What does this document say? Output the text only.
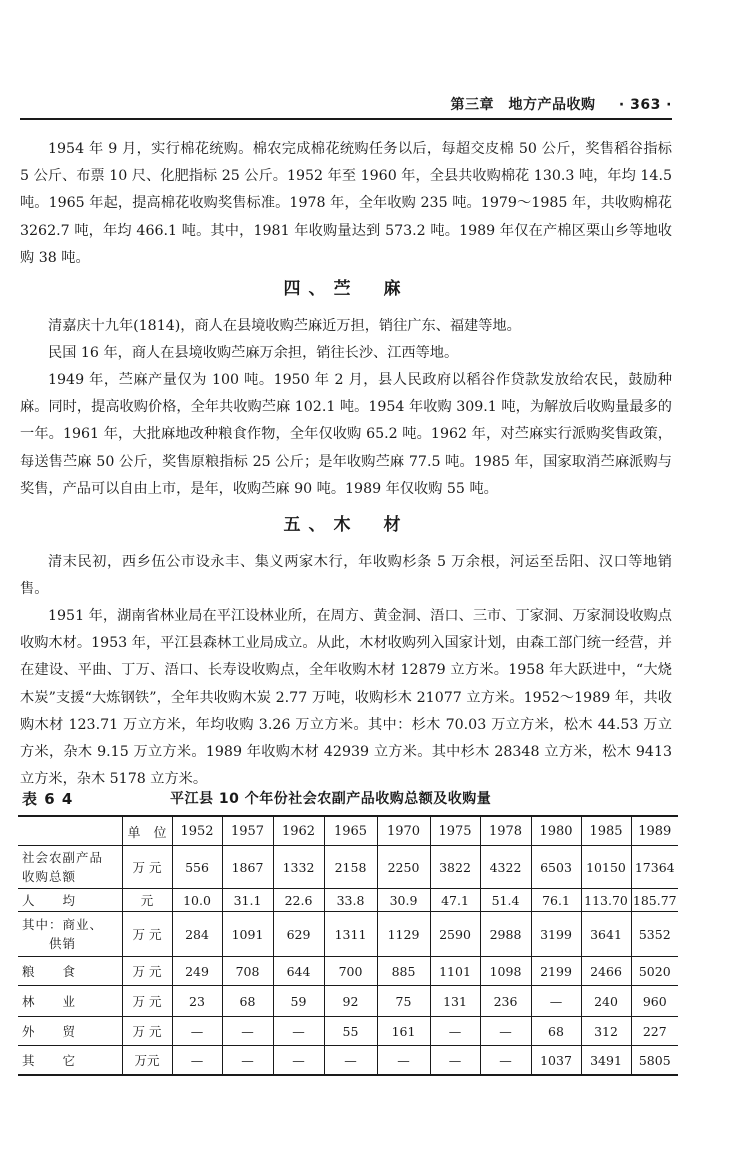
第三章　地方产品收购 · 363 ·

1954 年 9 月，实行棉花统购。棉农完成棉花统购任务以后，每超交皮棉 50 公斤，奖售稻谷指标 5 公斤、布票 10 尺、化肥指标 25 公斤。1952 年至 1960 年，全县共收购棉花 130.3 吨，年均 14.5 吨。1965 年起，提高棉花收购奖售标准。1978 年，全年收购 235 吨。1979～1985 年，共收购棉花 3262.7 吨，年均 466.1 吨。其中，1981 年收购量达到 573.2 吨。1989 年仅在产棉区栗山乡等地收购 38 吨。

四、苎　麻

清嘉庆十九年(1814)，商人在县境收购苎麻近万担，销往广东、福建等地。

民国 16 年，商人在县境收购苎麻万余担，销往长沙、江西等地。

1949 年，苎麻产量仅为 100 吨。1950 年 2 月，县人民政府以稻谷作贷款发放给农民，鼓励种麻。同时，提高收购价格，全年共收购苎麻 102.1 吨。1954 年收购 309.1 吨，为解放后收购量最多的一年。1961 年，大批麻地改种粮食作物，全年仅收购 65.2 吨。1962 年，对苎麻实行派购奖售政策，每送售苎麻 50 公斤，奖售原粮指标 25 公斤；是年收购苎麻 77.5 吨。1985 年，国家取消苎麻派购与奖售，产品可以自由上市，是年，收购苎麻 90 吨。1989 年仅收购 55 吨。

五、木　材

清末民初，西乡伍公市设永丰、集义两家木行，年收购杉条 5 万余根，河运至岳阳、汉口等地销售。

1951 年，湖南省林业局在平江设林业所，在周方、黄金洞、浯口、三市、丁家洞、万家洞设收购点收购木材。1953 年，平江县森林工业局成立。从此，木材收购列入国家计划，由森工部门统一经营，并在建设、平曲、丁万、浯口、长寿设收购点，全年收购木材 12879 立方米。1958 年大跃进中，“大烧木炭”支援“大炼钢铁”，全年共收购木炭 2.77 万吨，收购杉木 21077 立方米。1952～1989 年，共收购木材 123.71 万立方米，年均收购 3.26 万立方米。其中：杉木 70.03 万立方米，松木 44.53 万立方米，杂木 9.15 万立方米。1989 年收购木材 42939 立方米。其中杉木 28348 立方米，松木 9413 立方米，杂木 5178 立方米。

表 6 4	平江县 10 个年份社会农副产品收购总额及收购量
	单　位	1952	1957	1962	1965	1970	1975	1978	1980	1985	1989
社会农副产品
收购总额	万 元	556	1867	1332	2158	2250	3822	4322	6503	10150	17364
人　　均	元	10.0	31.1	22.6	33.8	30.9	47.1	51.4	76.1	113.70	185.77
其中：商业、
　　供销	万 元	284	1091	629	1311	1129	2590	2988	3199	3641	5352
粮　　食	万 元	249	708	644	700	885	1101	1098	2199	2466	5020
林　　业	万 元	23	68	59	92	75	131	236	—	240	960
外　　贸	万 元	—	—	—	55	161	—	—	68	312	227
其　　它	万元	—	—	—	—	—	—	—	1037	3491	5805
